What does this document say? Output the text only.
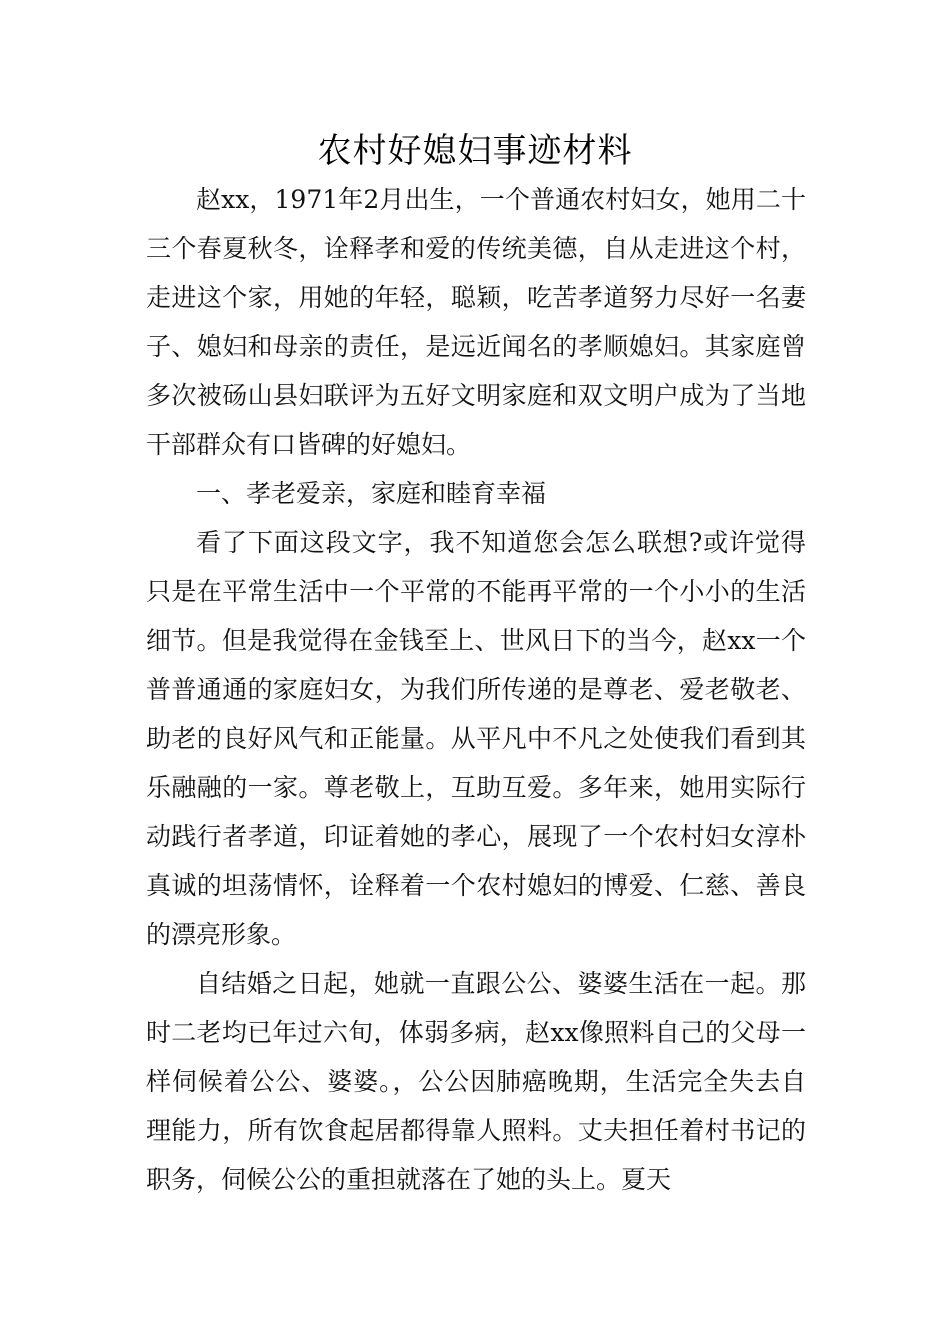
农村好媳妇事迹材料

赵xx，1971年2月出生，一个普通农村妇女，她用二十三个春夏秋冬，诠释孝和爱的传统美德，自从走进这个村，走进这个家，用她的年轻，聪颖，吃苦孝道努力尽好一名妻子、媳妇和母亲的责任，是远近闻名的孝顺媳妇。其家庭曾多次被砀山县妇联评为五好文明家庭和双文明户成为了当地干部群众有口皆碑的好媳妇。

一、孝老爱亲，家庭和睦育幸福

看了下面这段文字，我不知道您会怎么联想?或许觉得只是在平常生活中一个平常的不能再平常的一个小小的生活细节。但是我觉得在金钱至上、世风日下的当今，赵xx一个普普通通的家庭妇女，为我们所传递的是尊老、爱老敬老、助老的良好风气和正能量。从平凡中不凡之处使我们看到其乐融融的一家。尊老敬上，互助互爱。多年来，她用实际行动践行者孝道，印证着她的孝心，展现了一个农村妇女淳朴真诚的坦荡情怀，诠释着一个农村媳妇的博爱、仁慈、善良的漂亮形象。

自结婚之日起，她就一直跟公公、婆婆生活在一起。那时二老均已年过六旬，体弱多病，赵xx像照料自己的父母一样伺候着公公、婆婆。，公公因肺癌晚期，生活完全失去自理能力，所有饮食起居都得靠人照料。丈夫担任着村书记的职务，伺候公公的重担就落在了她的头上。夏天
